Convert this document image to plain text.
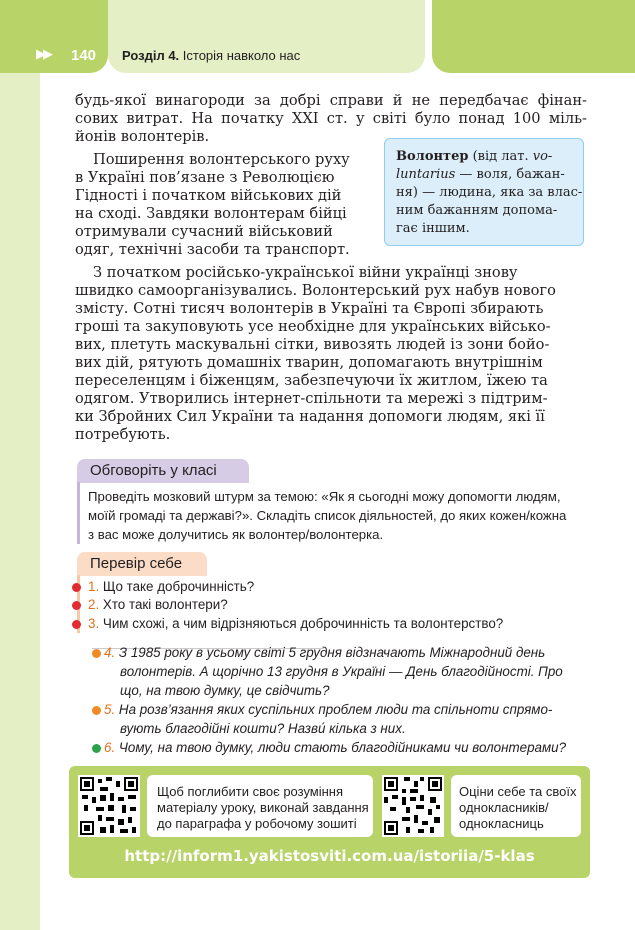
▶▶ 140 Розділ 4. Історія навколо нас
будь-якої винагороди за добрі справи й не передбачає фінан-
сових витрат. На початку XXI ст. у світі було понад 100 міль-
йонів волонтерів.
Поширення волонтерського руху
в Україні пов’язане з Революцією
Гідності і початком військових дій
на сході. Завдяки волонтерам бійці
отримували сучасний військовий
одяг, технічні засоби та транспорт.
Волонтер (від лат. vo-
luntarius — воля, бажан-
ня) — людина, яка за влас-
ним бажанням допома-
гає іншим.
З початком російсько-української війни українці знову
швидко самоорганізувались. Волонтерський рух набув нового
змісту. Сотні тисяч волонтерів в Україні та Європі збирають
гроші та закуповують усе необхідне для українських військо-
вих, плетуть маскувальні сітки, вивозять людей із зони бойо-
вих дій, рятують домашніх тварин, допомагають внутрішнім
переселенцям і біженцям, забезпечуючи їх житлом, їжею та
одягом. Утворились інтернет-спільноти та мережі з підтрим-
ки Збройних Сил України та надання допомоги людям, які її
потребують.
Обговоріть у класі
Проведіть мозковий штурм за темою: «Як я сьогодні можу допомогти людям,
моїй громаді та державі?». Складіть список діяльностей, до яких кожен/кожна
з вас може долучитись як волонтер/волонтерка.
Перевір себе
1. Що таке доброчинність?
2. Хто такі волонтери?
3. Чим схожі, а чим відрізняються доброчинність та волонтерство?
4. З 1985 року в усьому світі 5 грудня відзначають Міжнародний день
волонтерів. А щорічно 13 грудня в Україні — День благодійності. Про
що, на твою думку, це свідчить?
5. На розв’язання яких суспільних проблем люди та спільноти спрямо-
вують благодійні кошти? Назви́ кілька з них.
6. Чому, на твою думку, люди стають благодійниками чи волонтерами?
Щоб поглибити своє розуміння
матеріалу уроку, виконай завдання
до параграфа у робочому зошиті
Оціни себе та своїх
однокласників/
однокласниць
http://inform1.yakistosviti.com.ua/istoriia/5-klas
